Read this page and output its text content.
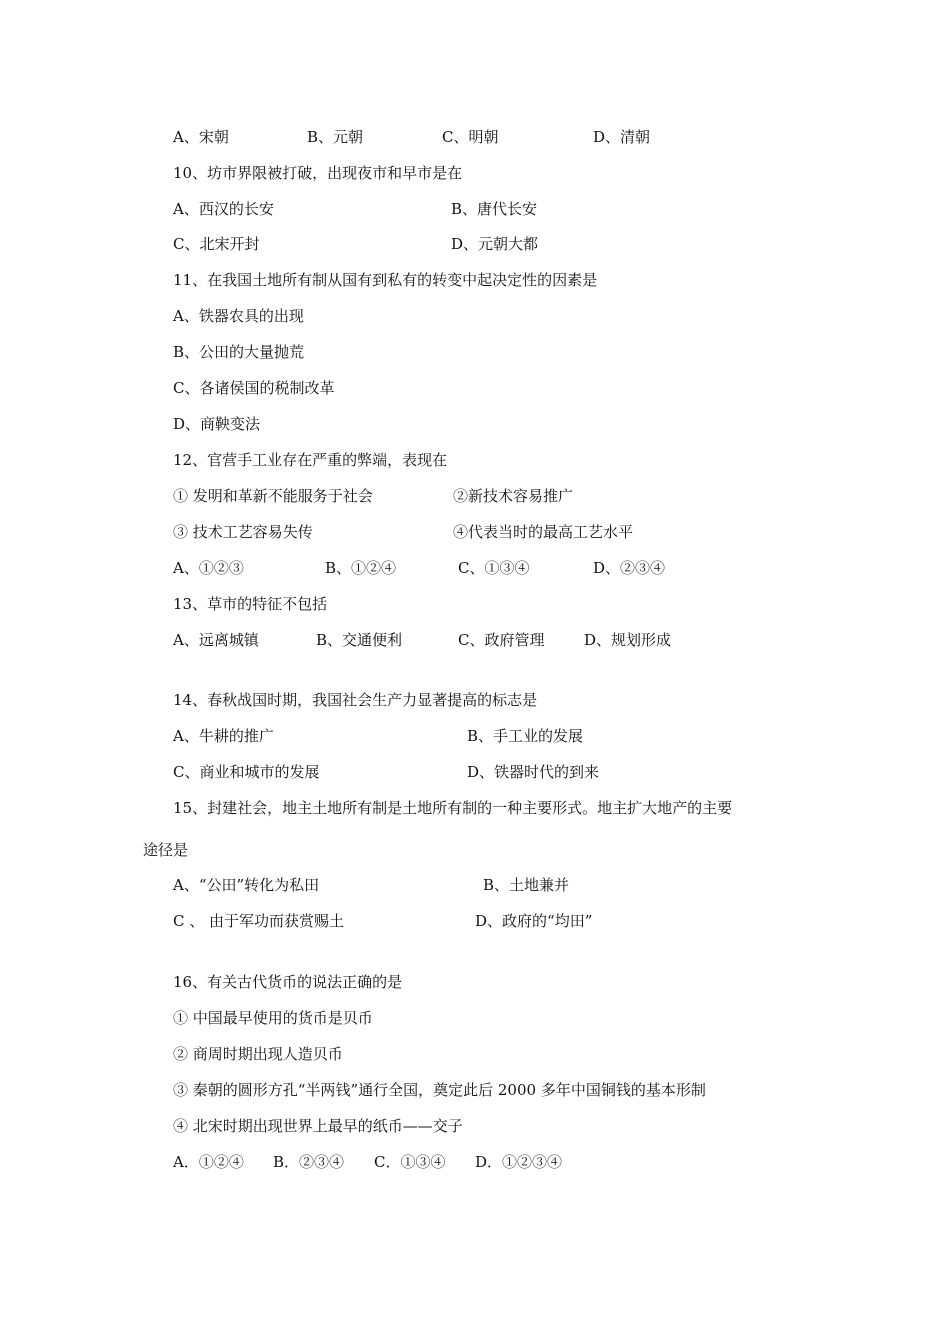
A、宋朝	B、元朝	C、明朝	D、清朝
10、坊市界限被打破，出现夜市和早市是在
A、西汉的长安	B、唐代长安
C、北宋开封	D、元朝大都
11、在我国土地所有制从国有到私有的转变中起决定性的因素是
A、铁器农具的出现
B、公田的大量抛荒
C、各诸侯国的税制改革
D、商鞅变法
12、官营手工业存在严重的弊端，表现在
① 发明和革新不能服务于社会	②新技术容易推广
③ 技术工艺容易失传	④代表当时的最高工艺水平
A、①②③	B、①②④	C、①③④	D、②③④
13、草市的特征不包括
A、远离城镇	B、交通便利	C、政府管理	D、规划形成
14、春秋战国时期，我国社会生产力显著提高的标志是
A、牛耕的推广	B、手工业的发展
C、商业和城市的发展	D、铁器时代的到来
15、封建社会，地主土地所有制是土地所有制的一种主要形式。地主扩大地产的主要
途径是
A、“公田”转化为私田	B、土地兼并
C 、 由于军功而获赏赐土	D、政府的“均田”
16、有关古代货币的说法正确的是
① 中国最早使用的货币是贝币
② 商周时期出现人造贝币
③ 秦朝的圆形方孔“半两钱”通行全国，奠定此后 2000 多年中国铜钱的基本形制
④ 北宋时期出现世界上最早的纸币——交子
A．①②④ B．②③④ C．①③④ D．①②③④
